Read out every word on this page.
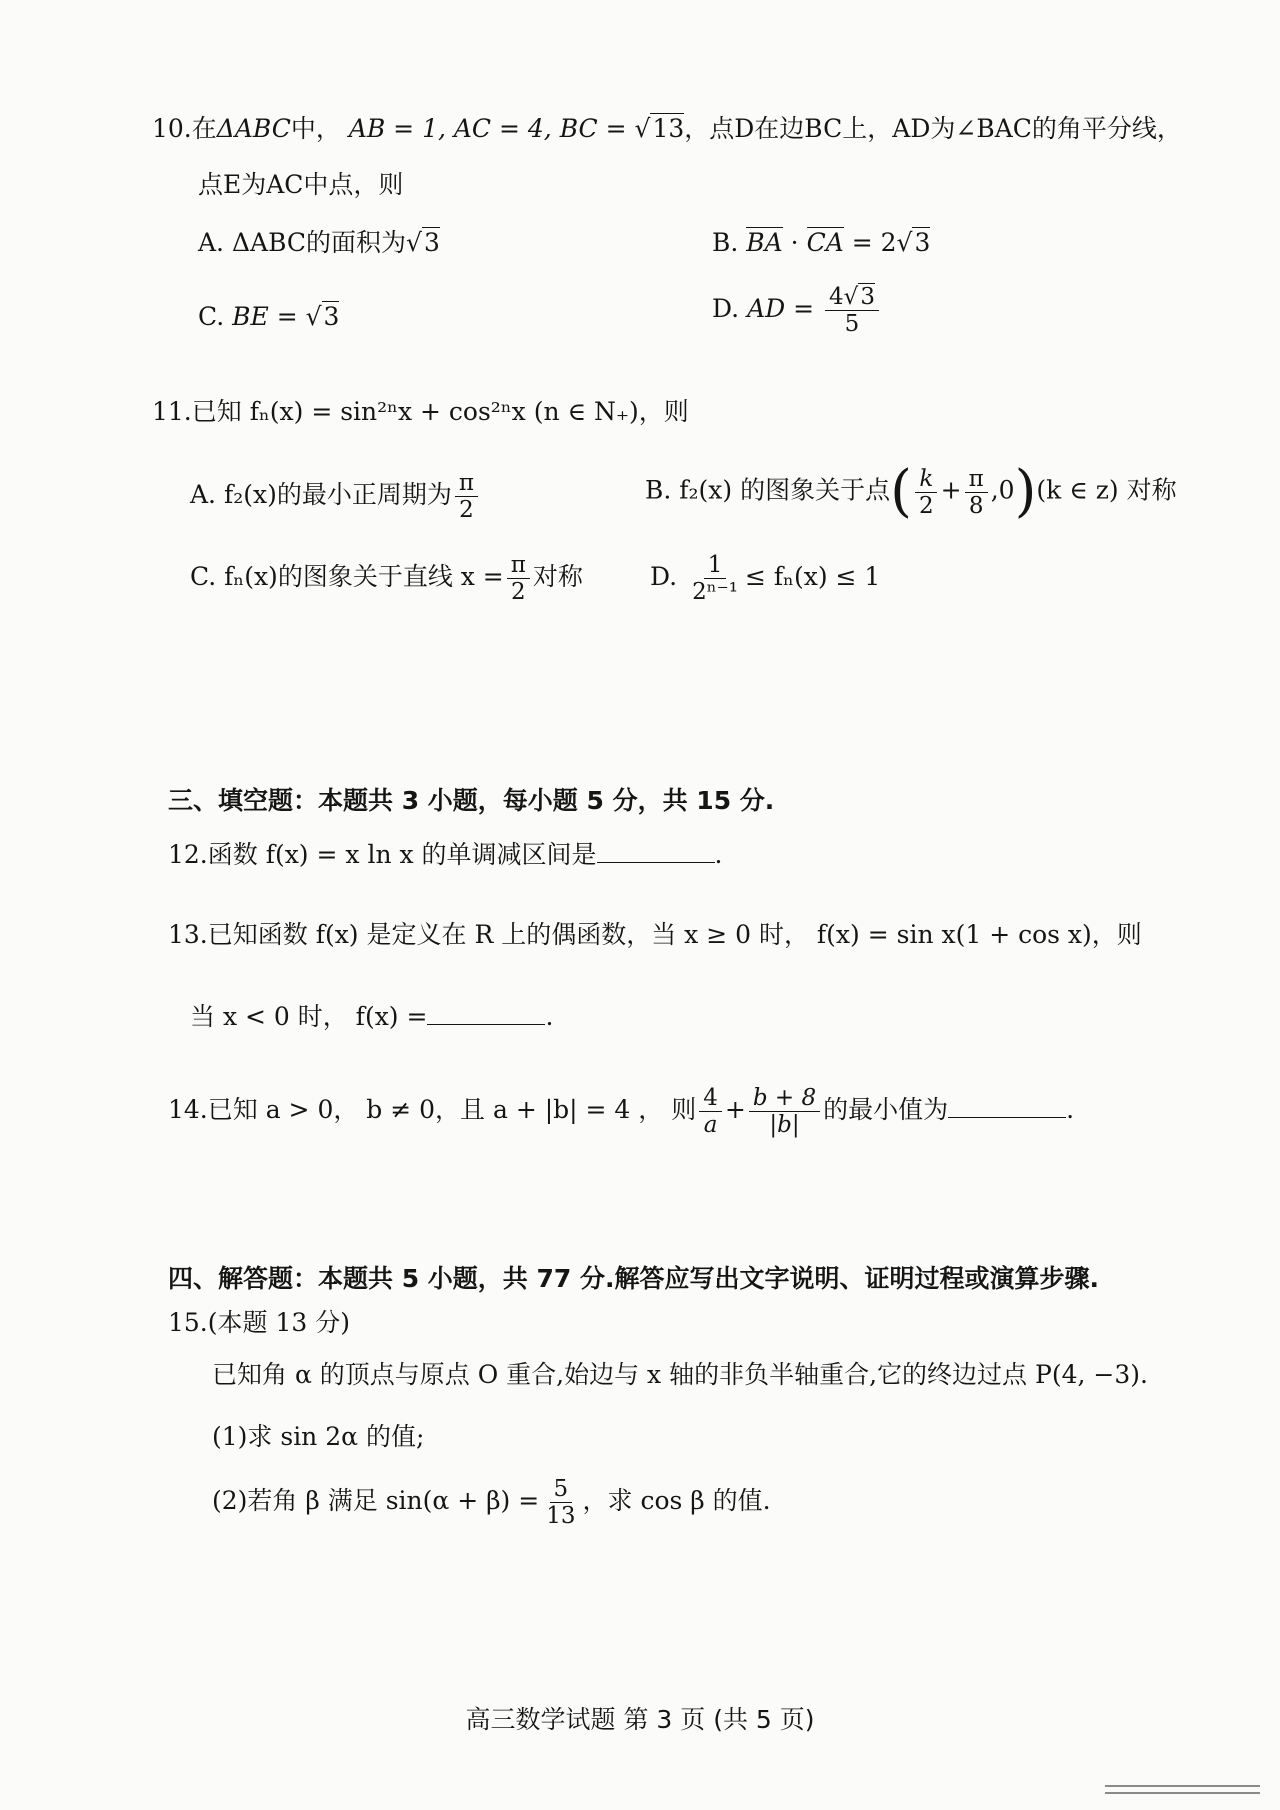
10.在ΔABC中， AB = 1, AC = 4, BC = √ 13，点D在边BC上，AD为∠BAC的角平分线，
点E为AC中点，则
A. ΔABC的面积为 √ 3	B. BA · CA = 2 √ 3
C. BE = √ 3	D. AD = $\frac{4 √ 3}{5}$
11.已知 fₙ(x) = sin²ⁿx + cos²ⁿx (n ∈ N₊)，则
A. f₂(x)的最小正周期为 $\frac{\pi}{2}$	B. f₂(x) 的图象关于点( $\frac{k}{2} + \frac{\pi}{8} ,0)(k$ ∈ z) 对称
C. fₙ(x)的图象关于直线 $x = \frac{\pi}{2}$ 对称	D. $\frac{1}{\text{2ⁿ⁻¹}} \le f_n(x) \le 1$
三、填空题：本题共 3 小题，每小题 5 分，共 15 分.
12.函数 f(x) = x ln x 的单调减区间是	.
13.已知函数 f(x) 是定义在 R 上的偶函数，当 x ≥ 0 时， f(x) = sin x(1 + cos x)，则
当 x < 0 时， f(x) =	.
14.已知 a > 0， b ≠ 0，且 a + |b| = 4 ， 则 $\frac{4}{a} + \frac{b + 8}{|b|}$ 的最小值为	.
四、解答题：本题共 5 小题，共 77 分.解答应写出文字说明、证明过程或演算步骤.
15.(本题 13 分)
已知角 α 的顶点与原点 O 重合,始边与 x 轴的非负半轴重合,它的终边过点 P(4, −3).
(1)求 sin 2α 的值;
(2)若角 β 满足 $\sin(\alpha + \beta) = \frac{5}{13}$ ，求 cos β 的值.
高三数学试题 第 3 页 (共 5 页)
